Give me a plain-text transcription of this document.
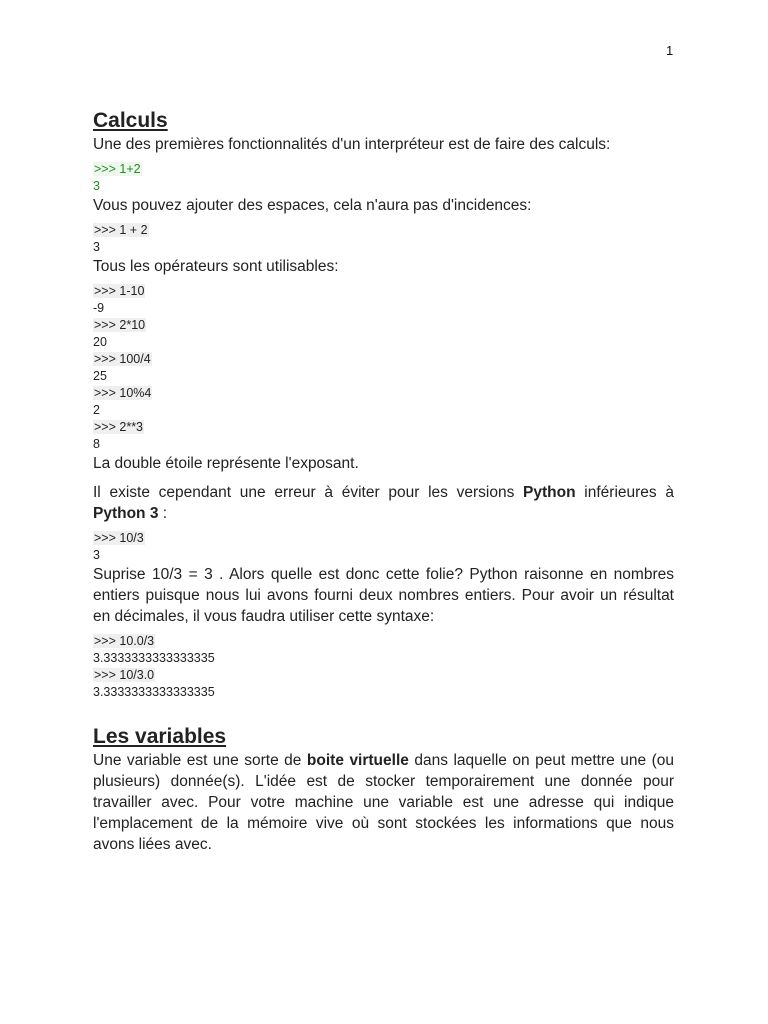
1
Calculs

Une des premières fonctionnalités d'un interpréteur est de faire des calculs:

>>> 1+2
3

Vous pouvez ajouter des espaces, cela n'aura pas d'incidences:

>>> 1 + 2
3

Tous les opérateurs sont utilisables:

>>> 1-10
-9
>>> 2*10
20
>>> 100/4
25
>>> 10%4
2
>>> 2**3
8

La double étoile représente l'exposant.

Il existe cependant une erreur à éviter pour les versions Python inférieures à Python 3 :

>>> 10/3
3

Suprise 10/3 = 3 . Alors quelle est donc cette folie? Python raisonne en nombres entiers puisque nous lui avons fourni deux nombres entiers. Pour avoir un résultat en décimales, il vous faudra utiliser cette syntaxe:

>>> 10.0/3
3.3333333333333335
>>> 10/3.0
3.3333333333333335
Les variables

Une variable est une sorte de boite virtuelle dans laquelle on peut mettre une (ou plusieurs) donnée(s). L'idée est de stocker temporairement une donnée pour travailler avec. Pour votre machine une variable est une adresse qui indique l'emplacement de la mémoire vive où sont stockées les informations que nous avons liées avec.
